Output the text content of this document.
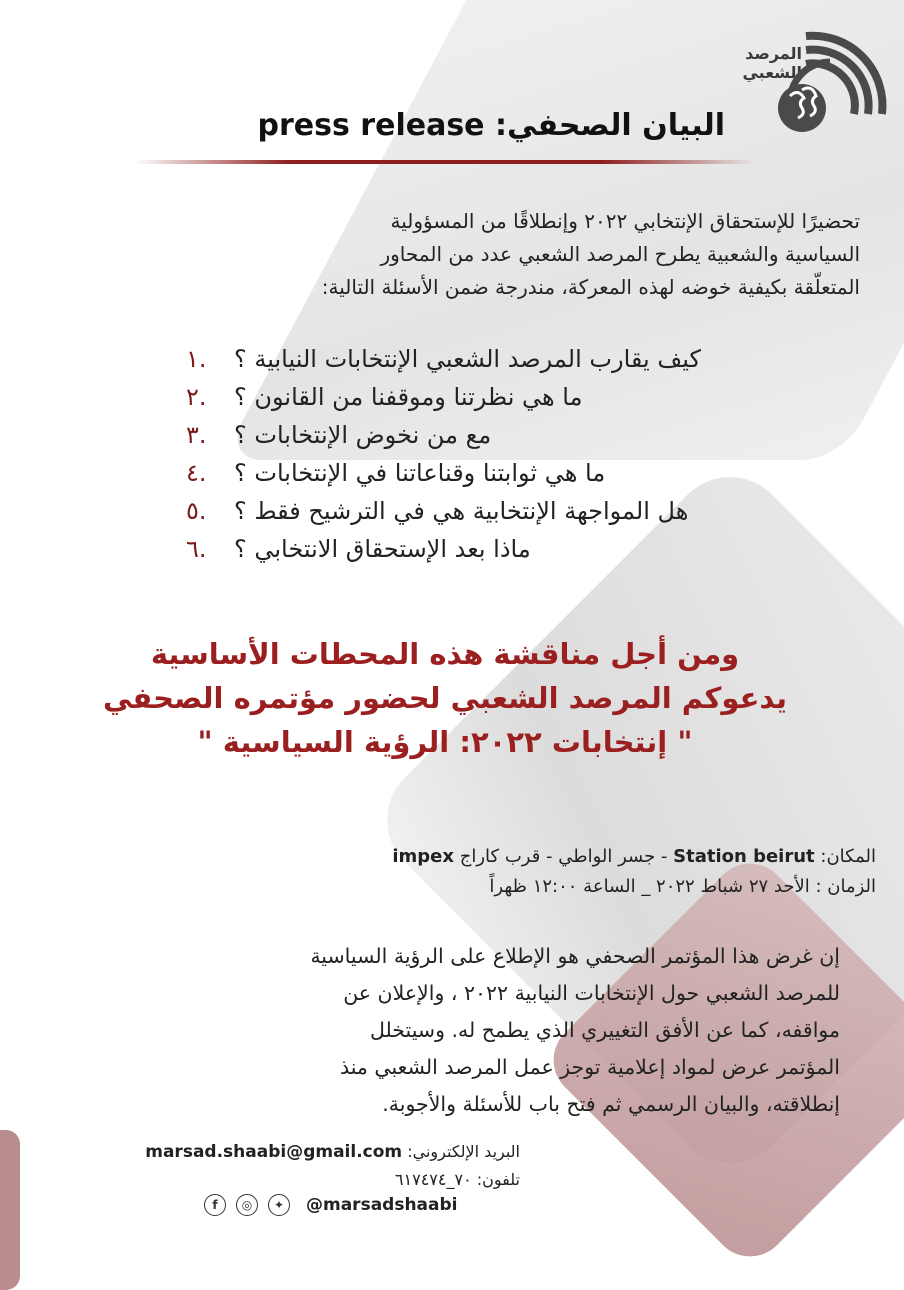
المرصد الشعبي
البيان الصحفي: press release
تحضيرًا للإستحقاق الإنتخابي ٢٠٢٢ وإنطلاقًا من المسؤولية
السياسية والشعبية يطرح المرصد الشعبي عدد من المحاور
المتعلّقة بكيفية خوضه لهذه المعركة، مندرجة ضمن الأسئلة التالية:
.١	كيف يقارب المرصد الشعبي الإنتخابات النيابية ؟
.٢	ما هي نظرتنا وموقفنا من القانون ؟
.٣	مع من نخوض الإنتخابات ؟
.٤	ما هي ثوابتنا وقناعاتنا في الإنتخابات ؟
.٥	هل المواجهة الإنتخابية هي في الترشيح فقط ؟
.٦	ماذا بعد الإستحقاق الانتخابي ؟
ومن أجل مناقشة هذه المحطات الأساسية
يدعوكم المرصد الشعبي لحضور مؤتمره الصحفي
" إنتخابات ٢٠٢٢: الرؤية السياسية "
المكان: Station beirut - جسر الواطي - قرب كاراج impex
الزمان : الأحد ٢٧ شباط ٢٠٢٢ _ الساعة ١٢:٠٠ ظهراً
إن غرض هذا المؤتمر الصحفي هو الإطلاع على الرؤية السياسية
للمرصد الشعبي حول الإنتخابات النيابية ٢٠٢٢ ، والإعلان عن
مواقفه، كما عن الأفق التغييري الذي يطمح له. وسيتخلل
المؤتمر عرض لمواد إعلامية توجز عمل المرصد الشعبي منذ
إنطلاقته، والبيان الرسمي ثم فتح باب للأسئلة والأجوبة.
البريد الإلكتروني: marsad.shaabi@gmail.com
تلفون: ٧٠_٦١٧٤٧٤
f	◎	✦	@marsadshaabi
